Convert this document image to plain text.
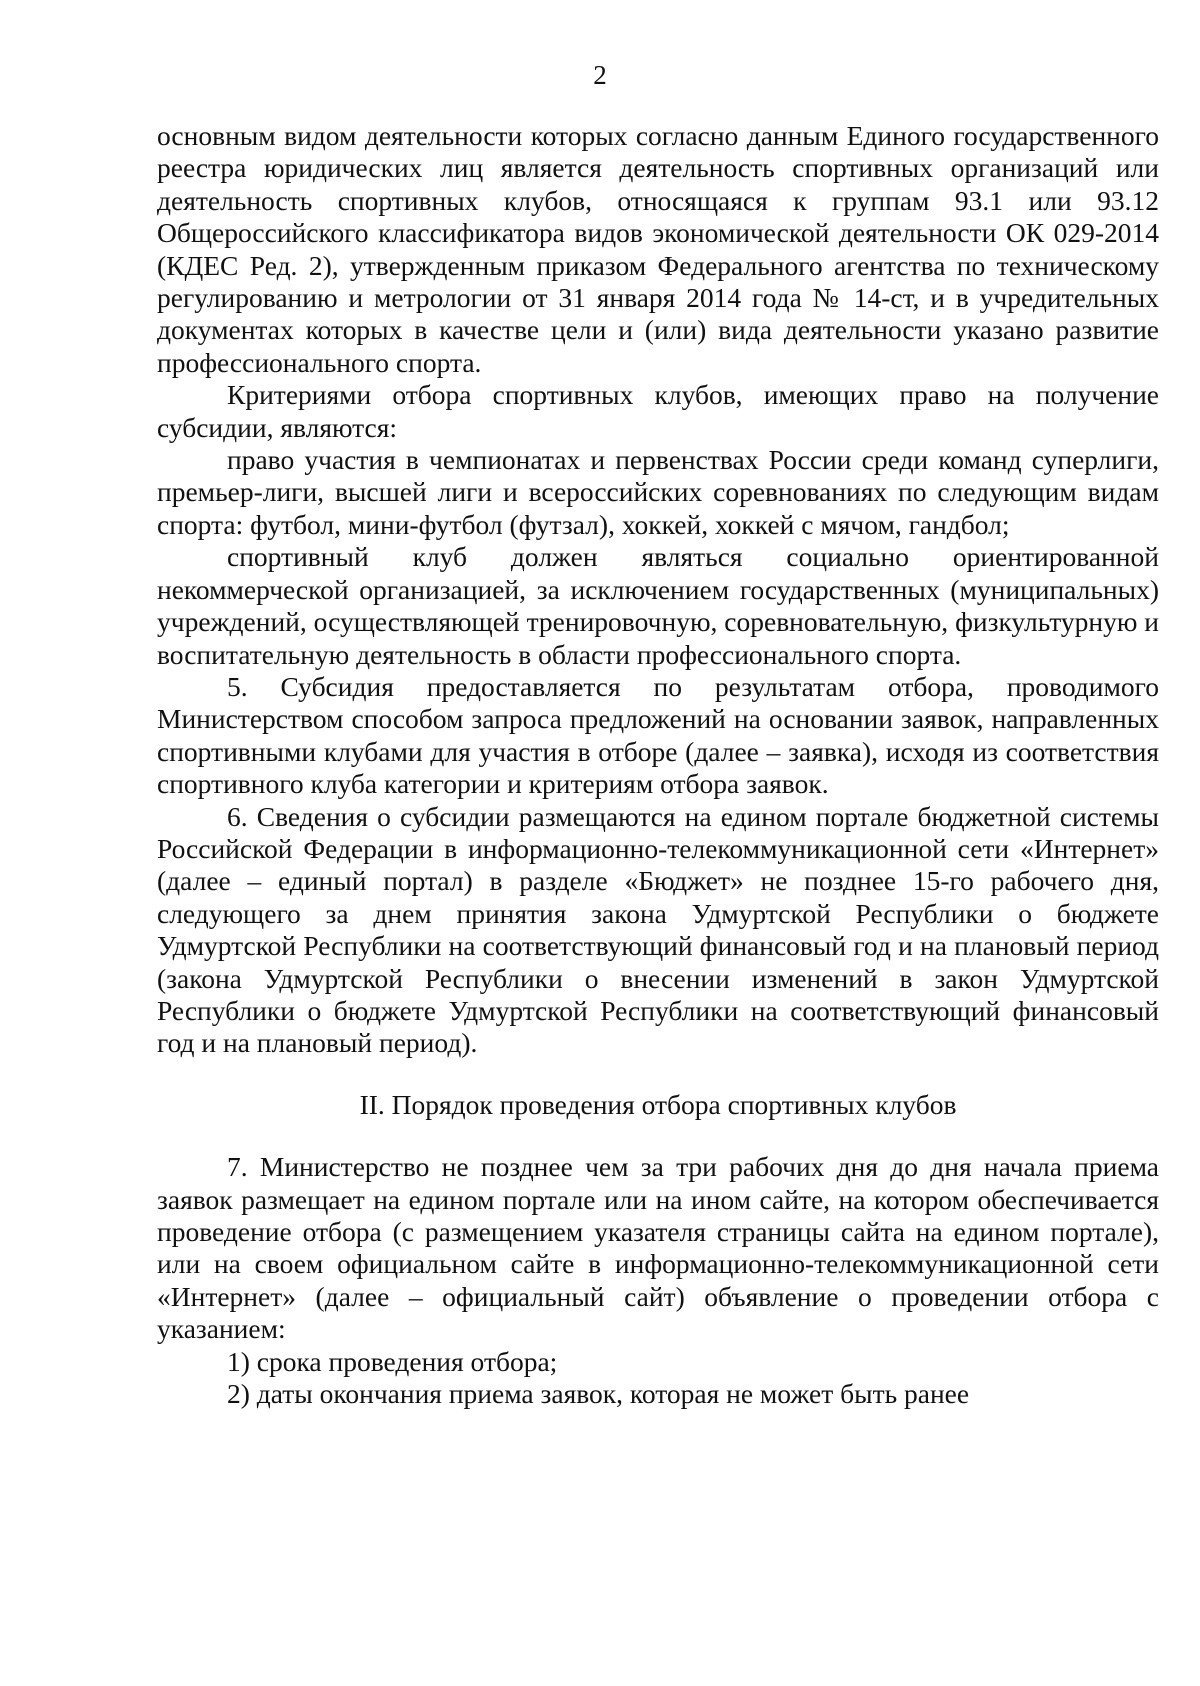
2

основным видом деятельности которых согласно данным Единого государственного реестра юридических лиц является деятельность спортивных организаций или деятельность спортивных клубов, относящаяся к группам 93.1 или 93.12 Общероссийского классификатора видов экономической деятельности ОК 029-2014 (КДЕС Ред. 2), утвержденным приказом Федерального агентства по техническому регулированию и метрологии от 31 января 2014 года № 14-ст, и в учредительных документах которых в качестве цели и (или) вида деятельности указано развитие профессионального спорта.

Критериями отбора спортивных клубов, имеющих право на получение субсидии, являются:

право участия в чемпионатах и первенствах России среди команд суперлиги, премьер-лиги, высшей лиги и всероссийских соревнованиях по следующим видам спорта: футбол, мини-футбол (футзал), хоккей, хоккей с мячом, гандбол;

спортивный клуб должен являться социально ориентированной некоммерческой организацией, за исключением государственных (муниципальных) учреждений, осуществляющей тренировочную, соревновательную, физкультурную и воспитательную деятельность в области профессионального спорта.

5. Субсидия предоставляется по результатам отбора, проводимого Министерством способом запроса предложений на основании заявок, направленных спортивными клубами для участия в отборе (далее – заявка), исходя из соответствия спортивного клуба категории и критериям отбора заявок.

6. Сведения о субсидии размещаются на едином портале бюджетной системы Российской Федерации в информационно-телекоммуникационной сети «Интернет» (далее – единый портал) в разделе «Бюджет» не позднее 15-го рабочего дня, следующего за днем принятия закона Удмуртской Республики о бюджете Удмуртской Республики на соответствующий финансовый год и на плановый период (закона Удмуртской Республики о внесении изменений в закон Удмуртской Республики о бюджете Удмуртской Республики на соответствующий финансовый год и на плановый период).

II. Порядок проведения отбора спортивных клубов

7. Министерство не позднее чем за три рабочих дня до дня начала приема заявок размещает на едином портале или на ином сайте, на котором обеспечивается проведение отбора (с размещением указателя страницы сайта на едином портале), или на своем официальном сайте в информационно-телекоммуникационной сети «Интернет» (далее – официальный сайт) объявление о проведении отбора с указанием:

1) срока проведения отбора;

2) даты окончания приема заявок, которая не может быть ранее
